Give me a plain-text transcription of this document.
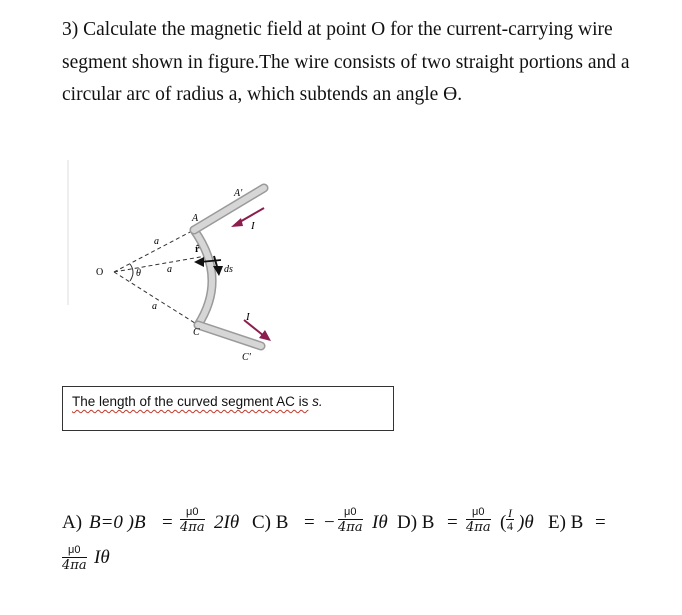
3) Calculate the magnetic field at point O for the current-carrying wire segment shown in figure.The wire consists of two straight portions and a circular arc of radius a, which subtends an angle ϴ.
O	θ
A
A'
C
C'
a
a
a
r̂
ds
I
I
The length of the curved segment AC is s.
A) B=0 )B =	μ0
4πa 2Iθ C) B = − μ0
4πa Iθ D) B =	μ0
4πa ( $\frac{I}{4} )\theta$ E) B =
μ0
4πa Iθ
